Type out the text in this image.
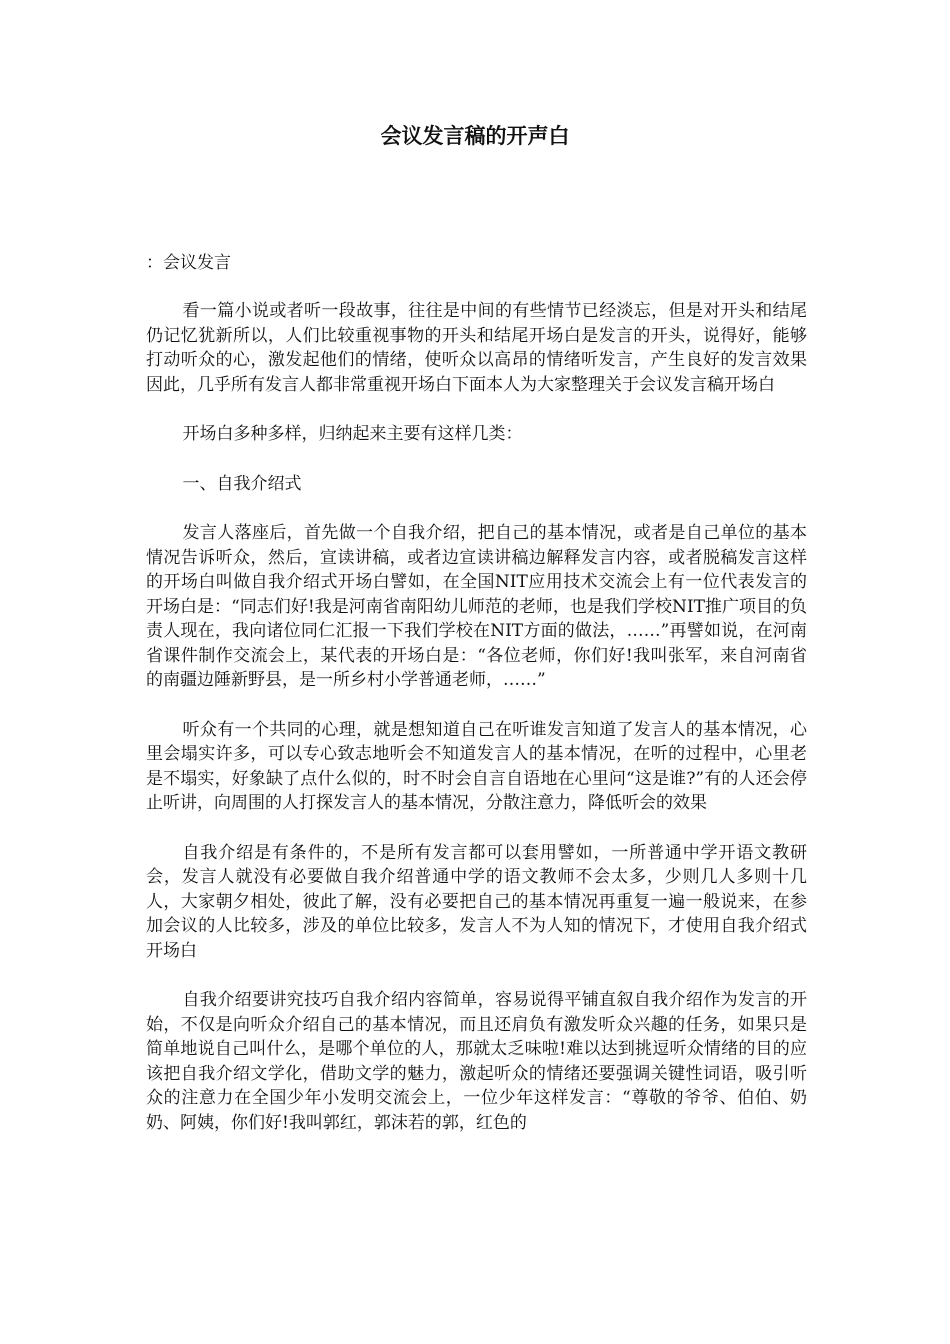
会议发言稿的开声白

：会议发言

看一篇小说或者听一段故事，往往是中间的有些情节已经淡忘，但是对开头和结尾仍记忆犹新所以，人们比较重视事物的开头和结尾开场白是发言的开头，说得好，能够打动听众的心，激发起他们的情绪，使听众以高昂的情绪听发言，产生良好的发言效果因此，几乎所有发言人都非常重视开场白下面本人为大家整理关于会议发言稿开场白

开场白多种多样，归纳起来主要有这样几类：

一、自我介绍式

发言人落座后，首先做一个自我介绍，把自己的基本情况，或者是自己单位的基本情况告诉听众，然后，宣读讲稿，或者边宣读讲稿边解释发言内容，或者脱稿发言这样的开场白叫做自我介绍式开场白譬如，在全国NIT应用技术交流会上有一位代表发言的开场白是：“同志们好!我是河南省南阳幼儿师范的老师，也是我们学校NIT推广项目的负责人现在，我向诸位同仁汇报一下我们学校在NIT方面的做法，……”再譬如说，在河南省课件制作交流会上，某代表的开场白是：“各位老师，你们好!我叫张军，来自河南省的南疆边陲新野县，是一所乡村小学普通老师，……”

听众有一个共同的心理，就是想知道自己在听谁发言知道了发言人的基本情况，心里会塌实许多，可以专心致志地听会不知道发言人的基本情况，在听的过程中，心里老是不塌实，好象缺了点什么似的，时不时会自言自语地在心里问“这是谁?”有的人还会停止听讲，向周围的人打探发言人的基本情况，分散注意力，降低听会的效果

自我介绍是有条件的，不是所有发言都可以套用譬如，一所普通中学开语文教研会，发言人就没有必要做自我介绍普通中学的语文教师不会太多，少则几人多则十几人，大家朝夕相处，彼此了解，没有必要把自己的基本情况再重复一遍一般说来，在参加会议的人比较多，涉及的单位比较多，发言人不为人知的情况下，才使用自我介绍式开场白

自我介绍要讲究技巧自我介绍内容简单，容易说得平铺直叙自我介绍作为发言的开始，不仅是向听众介绍自己的基本情况，而且还肩负有激发听众兴趣的任务，如果只是简单地说自己叫什么，是哪个单位的人，那就太乏味啦!难以达到挑逗听众情绪的目的应该把自我介绍文学化，借助文学的魅力，激起听众的情绪还要强调关键性词语，吸引听众的注意力在全国少年小发明交流会上，一位少年这样发言：“尊敬的爷爷、伯伯、奶奶、阿姨，你们好!我叫郭红，郭沫若的郭，红色的
